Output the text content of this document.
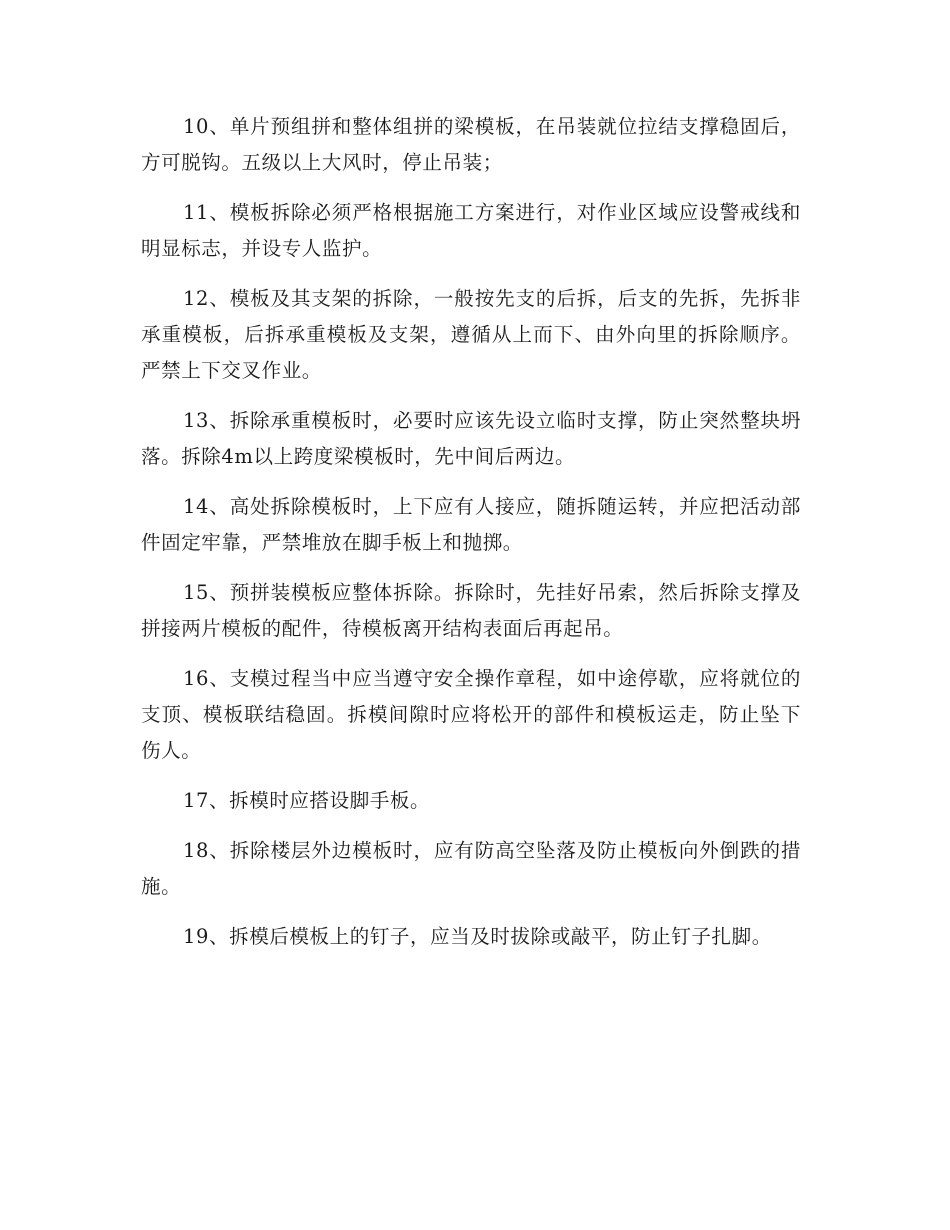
10、单片预组拼和整体组拼的梁模板，在吊装就位拉结支撑稳固后，方可脱钩。五级以上大风时，停止吊装；

11、模板拆除必须严格根据施工方案进行，对作业区域应设警戒线和明显标志，并设专人监护。

12、模板及其支架的拆除，一般按先支的后拆，后支的先拆，先拆非承重模板，后拆承重模板及支架，遵循从上而下、由外向里的拆除顺序。严禁上下交叉作业。

13、拆除承重模板时，必要时应该先设立临时支撑，防止突然整块坍落。拆除4m以上跨度梁模板时，先中间后两边。

14、高处拆除模板时，上下应有人接应，随拆随运转，并应把活动部件固定牢靠，严禁堆放在脚手板上和抛掷。

15、预拼装模板应整体拆除。拆除时，先挂好吊索，然后拆除支撑及拼接两片模板的配件，待模板离开结构表面后再起吊。

16、支模过程当中应当遵守安全操作章程，如中途停歇，应将就位的支顶、模板联结稳固。拆模间隙时应将松开的部件和模板运走，防止坠下伤人。

17、拆模时应搭设脚手板。

18、拆除楼层外边模板时，应有防高空坠落及防止模板向外倒跌的措施。

19、拆模后模板上的钉子，应当及时拔除或敲平，防止钉子扎脚。
